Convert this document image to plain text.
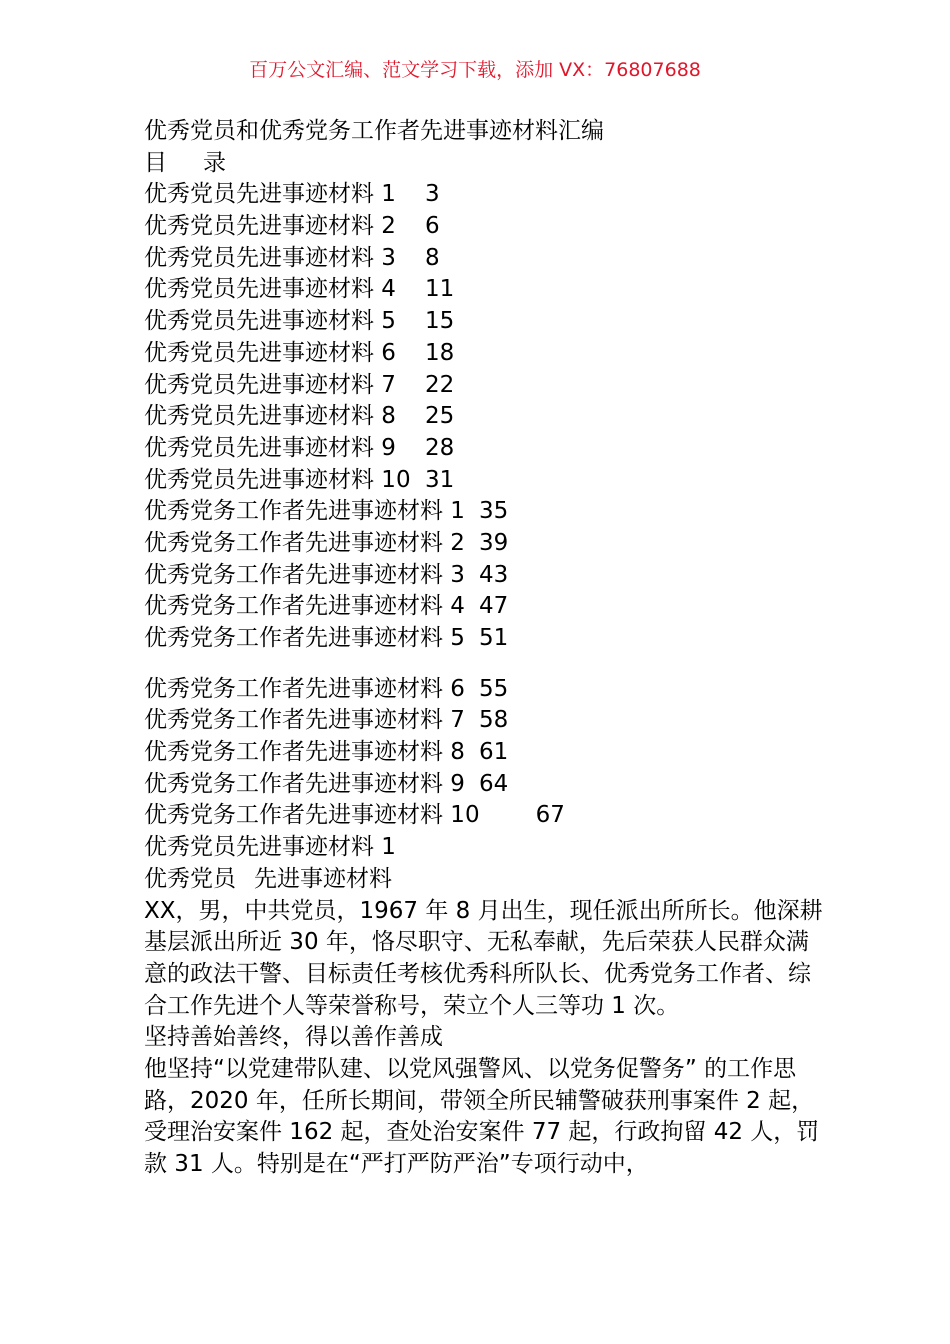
百万公文汇编、范文学习下载，添加 VX：76807688
优秀党员和优秀党务工作者先进事迹材料汇编
目 录
优秀党员先进事迹材料 1 3
优秀党员先进事迹材料 2 6
优秀党员先进事迹材料 3 8
优秀党员先进事迹材料 4 11
优秀党员先进事迹材料 5 15
优秀党员先进事迹材料 6 18
优秀党员先进事迹材料 7 22
优秀党员先进事迹材料 8 25
优秀党员先进事迹材料 9 28
优秀党员先进事迹材料 10 31
优秀党务工作者先进事迹材料 1 35
优秀党务工作者先进事迹材料 2 39
优秀党务工作者先进事迹材料 3 43
优秀党务工作者先进事迹材料 4 47
优秀党务工作者先进事迹材料 5 51
优秀党务工作者先进事迹材料 6 55
优秀党务工作者先进事迹材料 7 58
优秀党务工作者先进事迹材料 8 61
优秀党务工作者先进事迹材料 9 64
优秀党务工作者先进事迹材料 10 67
优秀党员先进事迹材料 1
优秀党员 先进事迹材料
XX，男，中共党员，1967 年 8 月出生，现任派出所所长。他深耕基层派出所近 30 年，恪尽职守、无私奉献，先后荣获人民群众满意的政法干警、目标责任考核优秀科所队长、优秀党务工作者、综合工作先进个人等荣誉称号，荣立个人三等功 1 次。
坚持善始善终，得以善作善成
他坚持“以党建带队建、以党风强警风、以党务促警务” 的工作思路，2020 年，任所长期间，带领全所民辅警破获刑事案件 2 起，受理治安案件 162 起，查处治安案件 77 起，行政拘留 42 人，罚款 31 人。特别是在“严打严防严治”专项行动中，
